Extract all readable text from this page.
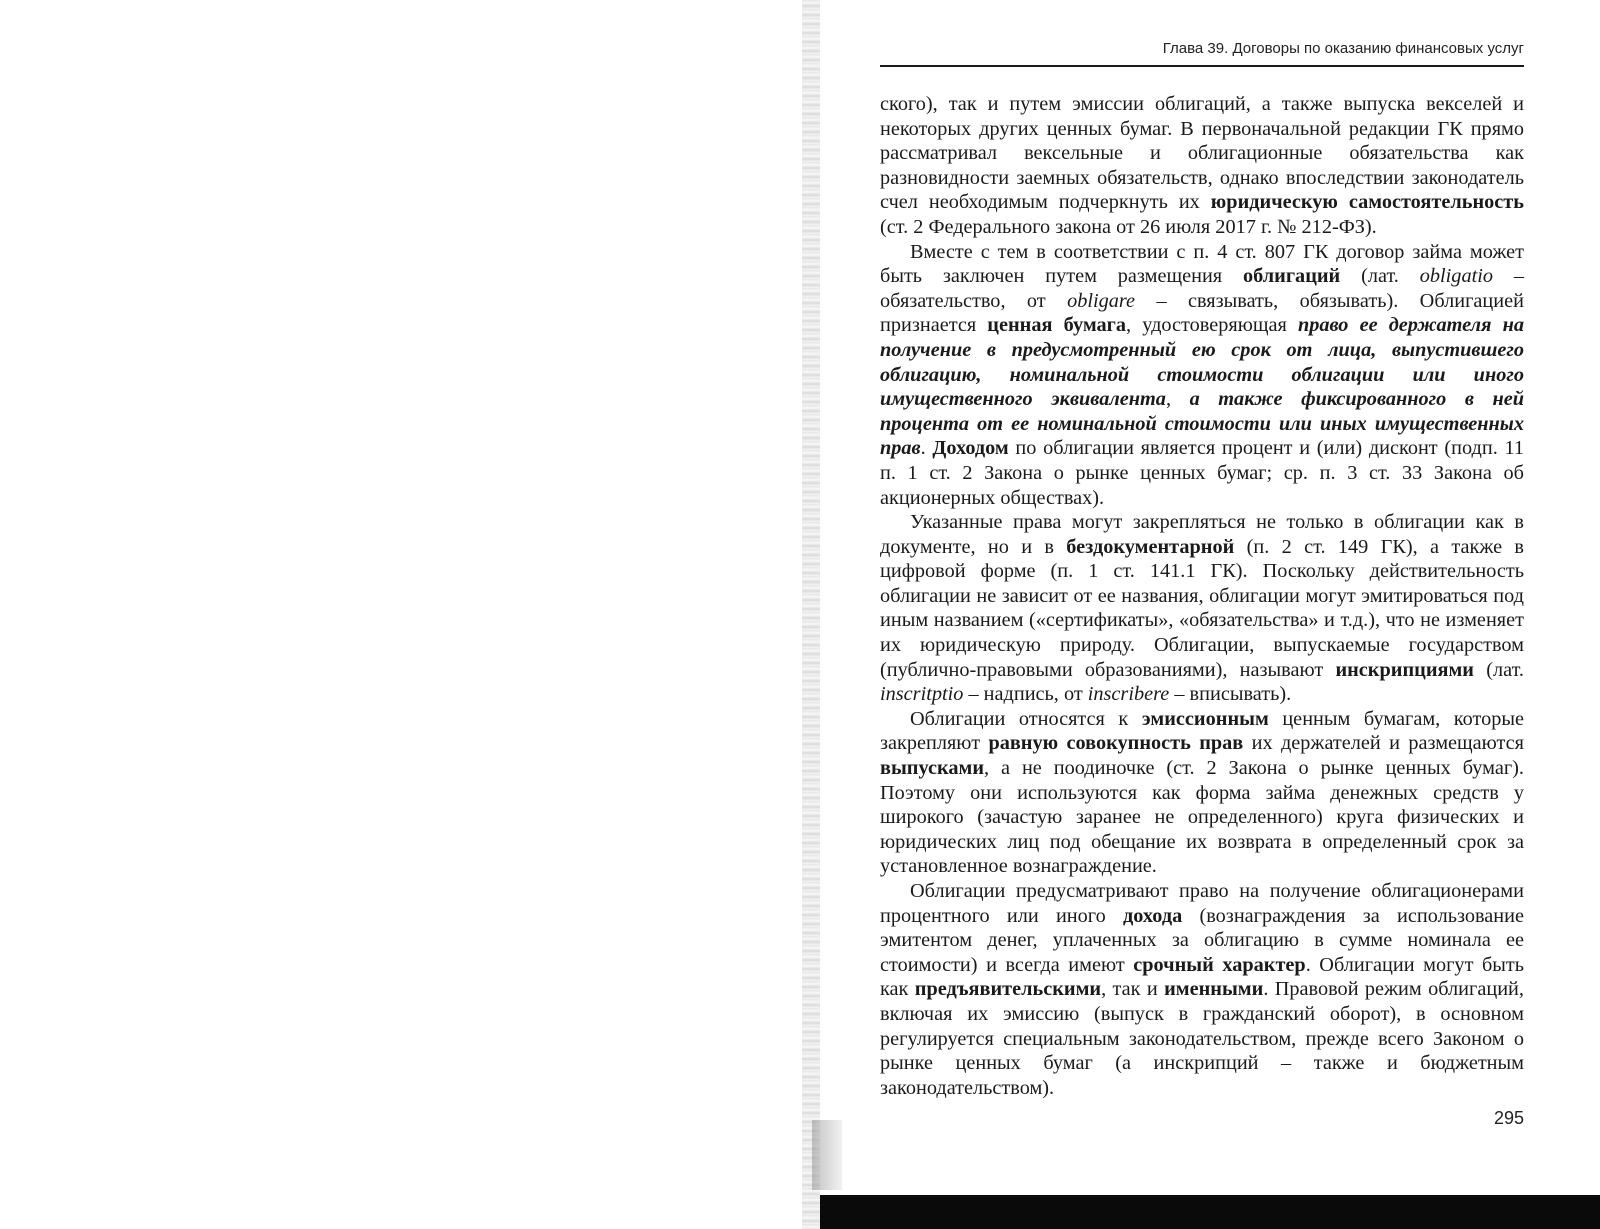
Глава 39. Договоры по оказанию финансовых услуг

ского), так и путем эмиссии облигаций, а также выпуска векселей и некоторых других ценных бумаг. В первоначальной редакции ГК прямо рассматривал вексельные и облигационные обязательства как разновидности заемных обязательств, однако впоследствии законодатель счел необходимым подчеркнуть их юридическую самостоятельность (ст. 2 Федерального закона от 26 июля 2017 г. № 212-ФЗ).

Вместе с тем в соответствии с п. 4 ст. 807 ГК договор займа может быть заключен путем размещения облигаций (лат. obligatio – обязательство, от obligare – связывать, обязывать). Облигацией признается ценная бумага, удостоверяющая право ее держателя на получение в предусмотренный ею срок от лица, выпустившего облигацию, номинальной стоимости облигации или иного имущественного эквивалента, а также фиксированного в ней процента от ее номинальной стоимости или иных имущественных прав. Доходом по облигации является процент и (или) дисконт (подп. 11 п. 1 ст. 2 Закона о рынке ценных бумаг; ср. п. 3 ст. 33 Закона об акционерных обществах).

Указанные права могут закрепляться не только в облигации как в документе, но и в бездокументарной (п. 2 ст. 149 ГК), а также в цифровой форме (п. 1 ст. 141.1 ГК). Поскольку действительность облигации не зависит от ее названия, облигации могут эмитироваться под иным названием («сертификаты», «обязательства» и т.д.), что не изменяет их юридическую природу. Облигации, выпускаемые государством (публично-правовыми образованиями), называют инскрипциями (лат. inscritptio – надпись, от inscribere – вписывать).

Облигации относятся к эмиссионным ценным бумагам, которые закрепляют равную совокупность прав их держателей и размещаются выпусками, а не поодиночке (ст. 2 Закона о рынке ценных бумаг). Поэтому они используются как форма займа денежных средств у широкого (зачастую заранее не определенного) круга физических и юридических лиц под обещание их возврата в определенный срок за установленное вознаграждение.

Облигации предусматривают право на получение облигационерами процентного или иного дохода (вознаграждения за использование эмитентом денег, уплаченных за облигацию в сумме номинала ее стоимости) и всегда имеют срочный характер. Облигации могут быть как предъявительскими, так и именными. Правовой режим облигаций, включая их эмиссию (выпуск в гражданский оборот), в основном регулируется специальным законодательством, прежде всего Законом о рынке ценных бумаг (а инскрипций – также и бюджетным законодательством).

295
